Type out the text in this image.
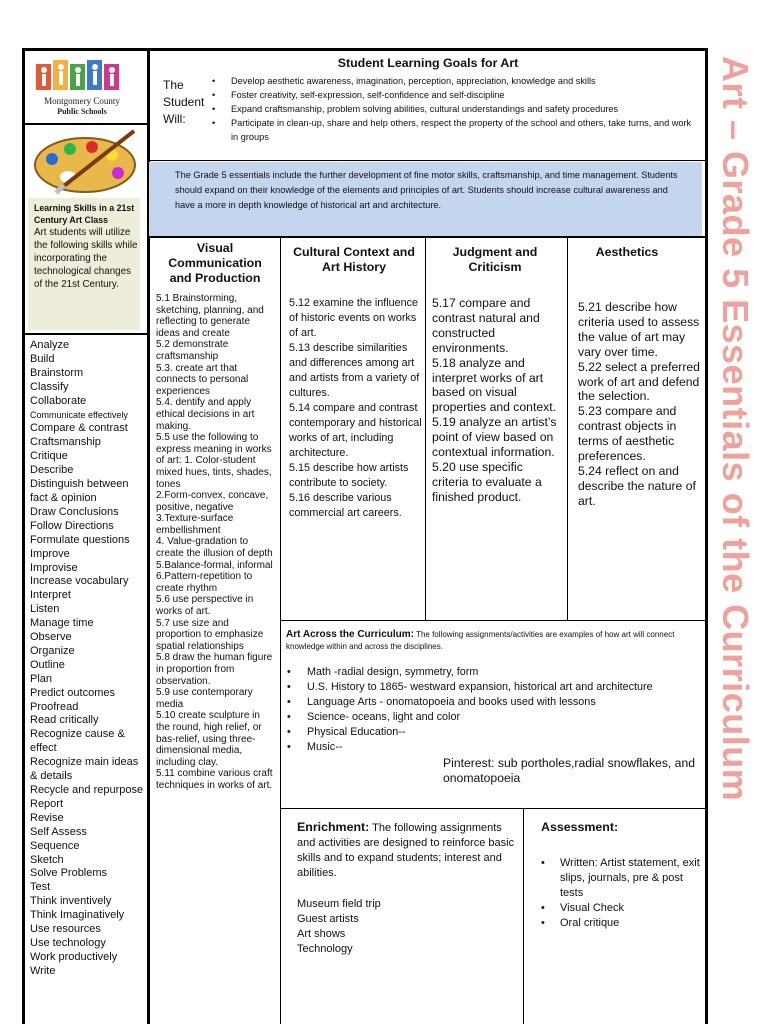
Art – Grade 5 Essentials of the Curriculum
Montgomery County
Public Schools
Learning Skills in a 21st Century Art Class
Art students will utilize the following skills while incorporating the technological changes of the 21st Century.
Analyze
Build
Brainstorm
Classify
Collaborate
Communicate effectively
Compare & contrast
Craftsmanship
Critique
Describe
Distinguish between fact & opinion
Draw Conclusions
Follow Directions
Formulate questions
Improve
Improvise
Increase vocabulary
Interpret
Listen
Manage time
Observe
Organize
Outline
Plan
Predict outcomes
Proofread
Read critically
Recognize cause & effect
Recognize main ideas & details
Recycle and repurpose
Report
Revise
Self Assess
Sequence
Sketch
Solve Problems
Test
Think inventively
Think Imaginatively
Use resources
Use technology
Work productively
Write
Student Learning Goals for Art
The Student Will:
• Develop aesthetic awareness, imagination, perception, appreciation, knowledge and skills
• Foster creativity, self-expression, self-confidence and self-discipline
• Expand craftsmanship, problem solving abilities, cultural understandings and safety procedures
• Participate in clean-up, share and help others, respect the property of the school and others, take turns, and work in groups

The Grade 5 essentials include the further development of fine motor skills, craftsmanship, and time management. Students should expand on their knowledge of the elements and principles of art. Students should increase cultural awareness and have a more in depth knowledge of historical art and architecture.

Visual Communication and Production
Cultural Context and Art History
Judgment and Criticism
Aesthetics
5.1 Brainstorming, sketching, planning, and reflecting to generate ideas and create
5.2 demonstrate craftsmanship
5.3. create art that connects to personal experiences
5.4. dentify and apply ethical decisions in art making.
5.5 use the following to express meaning in works of art: 1. Color-student mixed hues, tints, shades, tones
2.Form-convex, concave, positive, negative
3.Texture-surface embellishment
4. Value-gradation to create the illusion of depth
5.Balance-formal, informal
6.Pattern-repetition to create rhythm
5.6 use perspective in works of art.
5.7 use size and proportion to emphasize spatial relationships
5.8 draw the human figure in proportion from observation.
5.9 use contemporary media
5.10 create sculpture in the round, high relief, or bas-relief, using three-dimensional media, including clay.
5.11 combine various craft techniques in works of art.
5.12 examine the influence of historic events on works of art.
5.13 describe similarities and differences among art and artists from a variety of cultures.
5.14 compare and contrast contemporary and historical works of art, including architecture.
5.15 describe how artists contribute to society.
5.16 describe various commercial art careers.
5.17 compare and contrast natural and constructed environments.
5.18 analyze and interpret works of art based on visual properties and context.
5.19 analyze an artist’s point of view based on contextual information.
5.20 use specific criteria to evaluate a finished product.
5.21 describe how criteria used to assess the value of art may vary over time.
5.22 select a preferred work of art and defend the selection.
5.23 compare and contrast objects in terms of aesthetic preferences.
5.24 reflect on and describe the nature of art.
Art Across the Curriculum: The following assignments/activities are examples of how art will connect knowledge within and across the disciplines.
• Math -radial design, symmetry, form
• U.S. History to 1865- westward expansion, historical art and architecture
• Language Arts - onomatopoeia and books used with lessons
• Science- oceans, light and color
• Physical Education--
• Music--
Pinterest: sub portholes,radial snowflakes, and onomatopoeia
Enrichment: The following assignments and activities are designed to reinforce basic skills and to expand students; interest and abilities.
Museum field trip
Guest artists
Art shows
Technology
Assessment:
• Written: Artist statement, exit slips, journals, pre & post tests
• Visual Check
• Oral critique
